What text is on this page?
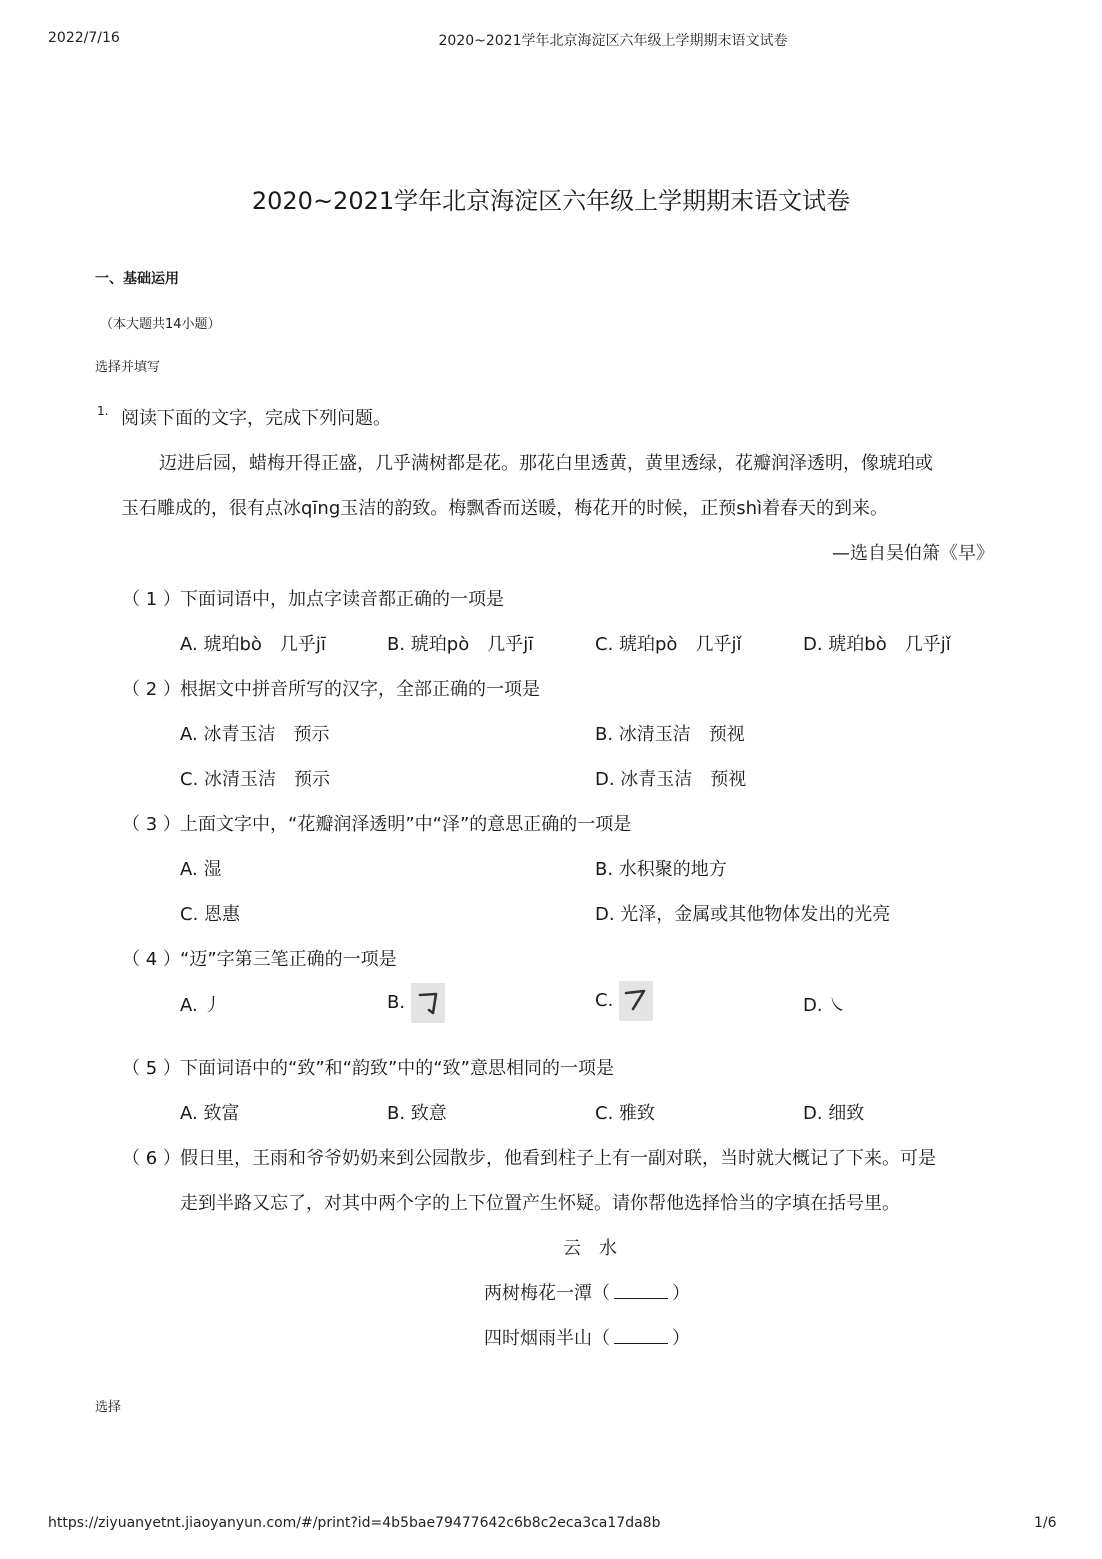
2022/7/16	2020~2021学年北京海淀区六年级上学期期末语文试卷
2020~2021学年北京海淀区六年级上学期期末语文试卷
一、基础运用
（本大题共14小题）
选择并填写
1. 阅读下面的文字，完成下列问题。
迈进后园，蜡梅开得正盛，几乎满树都是花。那花白里透黄，黄里透绿，花瓣润泽透明，像琥珀或
玉石雕成的，很有点冰qīng玉洁的韵致。梅飘香而送暖，梅花开的时候，正预shì着春天的到来。
—选自吴伯箫《早》
（ 1 ） 下面词语中，加点字读音都正确的一项是
A. 琥珀bò　几乎jī	B. 琥珀pò　几乎jī	C. 琥珀pò　几乎jǐ	D. 琥珀bò　几乎jǐ
（ 2 ） 根据文中拼音所写的汉字，全部正确的一项是
A. 冰青玉洁　预示	B. 冰清玉洁　预视
C. 冰清玉洁　预示	D. 冰青玉洁　预视
（ 3 ） 上面文字中，“花瓣润泽透明”中“泽”的意思正确的一项是
A. 湿	B. 水积聚的地方
C. 恩惠	D. 光泽，金属或其他物体发出的光亮
（ 4 ） “迈”字第三笔正确的一项是
A. 丿	B.	C.	D. ㇏
（ 5 ） 下面词语中的“致”和“韵致”中的“致”意思相同的一项是
A. 致富	B. 致意	C. 雅致	D. 细致
（ 6 ） 假日里，王雨和爷爷奶奶来到公园散步，他看到柱子上有一副对联，当时就大概记了下来。可是
走到半路又忘了，对其中两个字的上下位置产生怀疑。请你帮他选择恰当的字填在括号里。
云　水
两树梅花一潭（	）
四时烟雨半山（	）
选择
https://ziyuanyetnt.jiaoyanyun.com/#/print?id=4b5bae79477642c6b8c2eca3ca17da8b	1/6
